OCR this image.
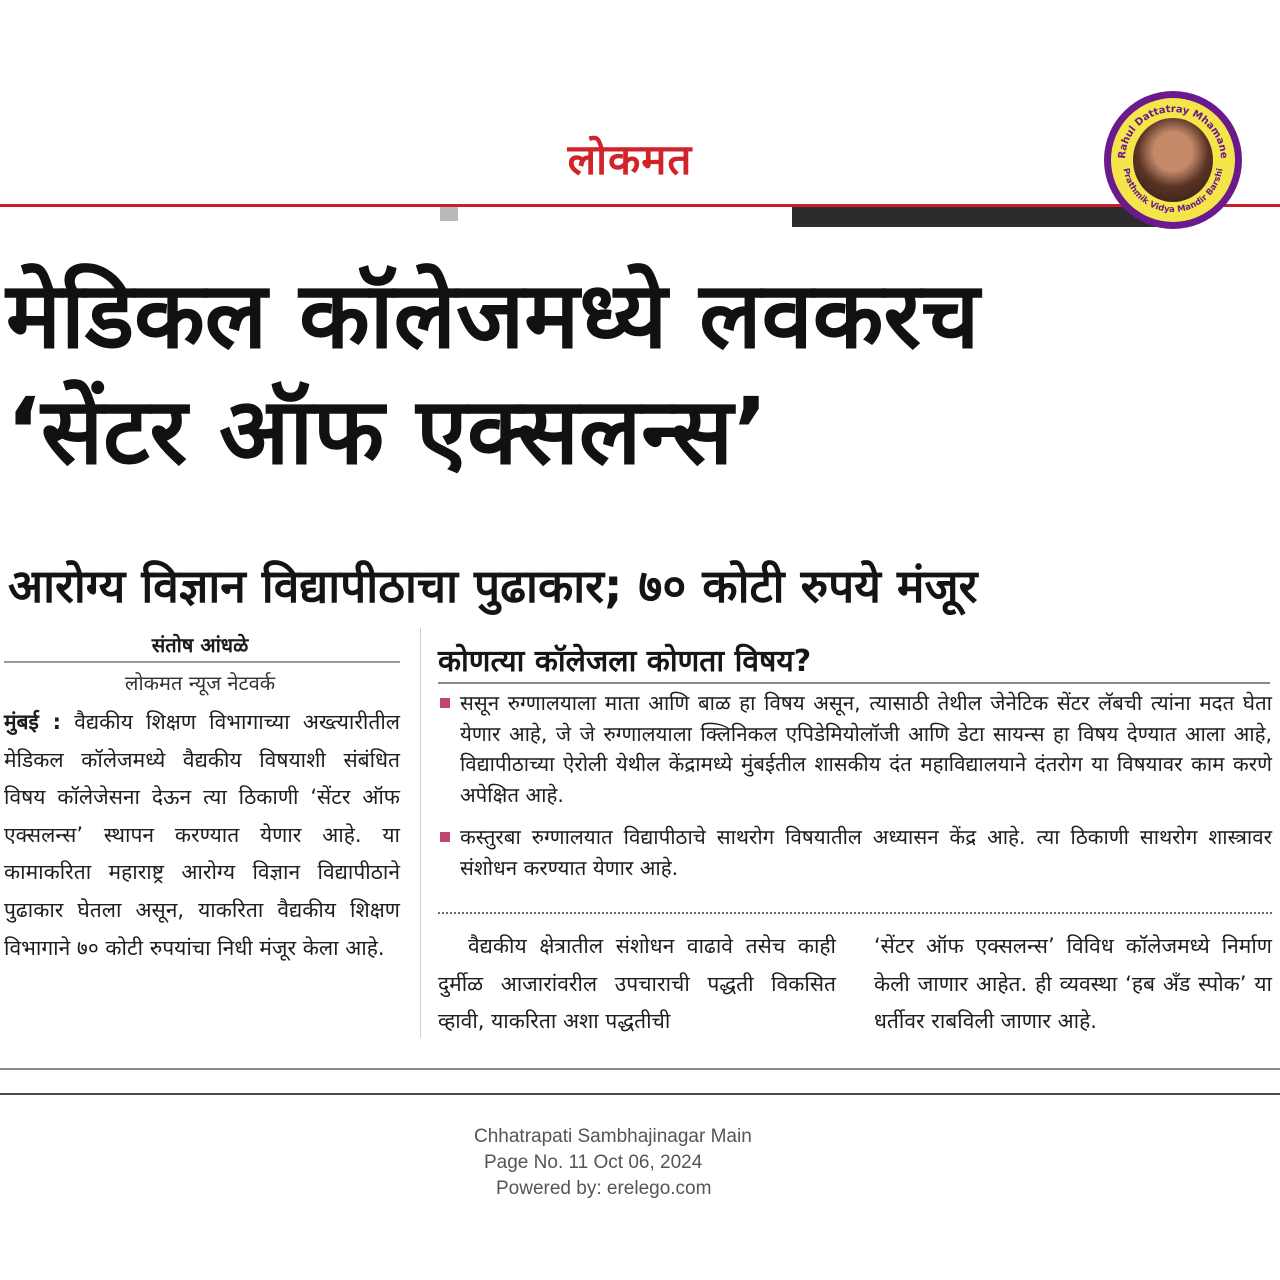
लोकमत	Rahul Dattatray Mhamane
Prathmik Vidya Mandir Barshi
मेडिकल कॉलेजमध्ये लवकरच
‘सेंटर ऑफ एक्सलन्स’
आरोग्य विज्ञान विद्यापीठाचा पुढाकार; ७० कोटी रुपये मंजूर
संतोष आंधळे
लोकमत न्यूज नेटवर्क
मुंबई : वैद्यकीय शिक्षण विभागाच्या अख्त्यारीतील मेडिकल कॉलेजमध्ये वैद्यकीय विषयाशी संबंधित विषय कॉलेजेसना देऊन त्या ठिकाणी ‘सेंटर ऑफ एक्सलन्स’ स्थापन करण्यात येणार आहे. या कामाकरिता महाराष्ट्र आरोग्य विज्ञान विद्यापीठाने पुढाकार घेतला असून, याकरिता वैद्यकीय शिक्षण विभागाने ७० कोटी रुपयांचा निधी मंजूर केला आहे.
कोणत्या कॉलेजला कोणता विषय?
ससून रुग्णालयाला माता आणि बाळ हा विषय असून, त्यासाठी तेथील जेनेटिक सेंटर लॅबची त्यांना मदत घेता येणार आहे, जे जे रुग्णालयाला क्लिनिकल एपिडेमियोलॉजी आणि डेटा सायन्स हा विषय देण्यात आला आहे, विद्यापीठाच्या ऐरोली येथील केंद्रामध्ये मुंबईतील शासकीय दंत महाविद्यालयाने दंतरोग या विषयावर काम करणे अपेक्षित आहे.
कस्तुरबा रुग्णालयात विद्यापीठाचे साथरोग विषयातील अध्यासन केंद्र आहे. त्या ठिकाणी साथरोग शास्त्रावर संशोधन करण्यात येणार आहे.
वैद्यकीय क्षेत्रातील संशोधन वाढावे तसेच काही दुर्मीळ आजारांवरील उपचाराची पद्धती विकसित व्हावी, याकरिता अशा पद्धतीची
‘सेंटर ऑफ एक्सलन्स’ विविध कॉलेजमध्ये निर्माण केली जाणार आहेत. ही व्यवस्था ‘हब अँड स्पोक’ या धर्तीवर राबविली जाणार आहे.
Chhatrapati Sambhajinagar Main
Page No. 11 Oct 06, 2024
Powered by: erelego.com
